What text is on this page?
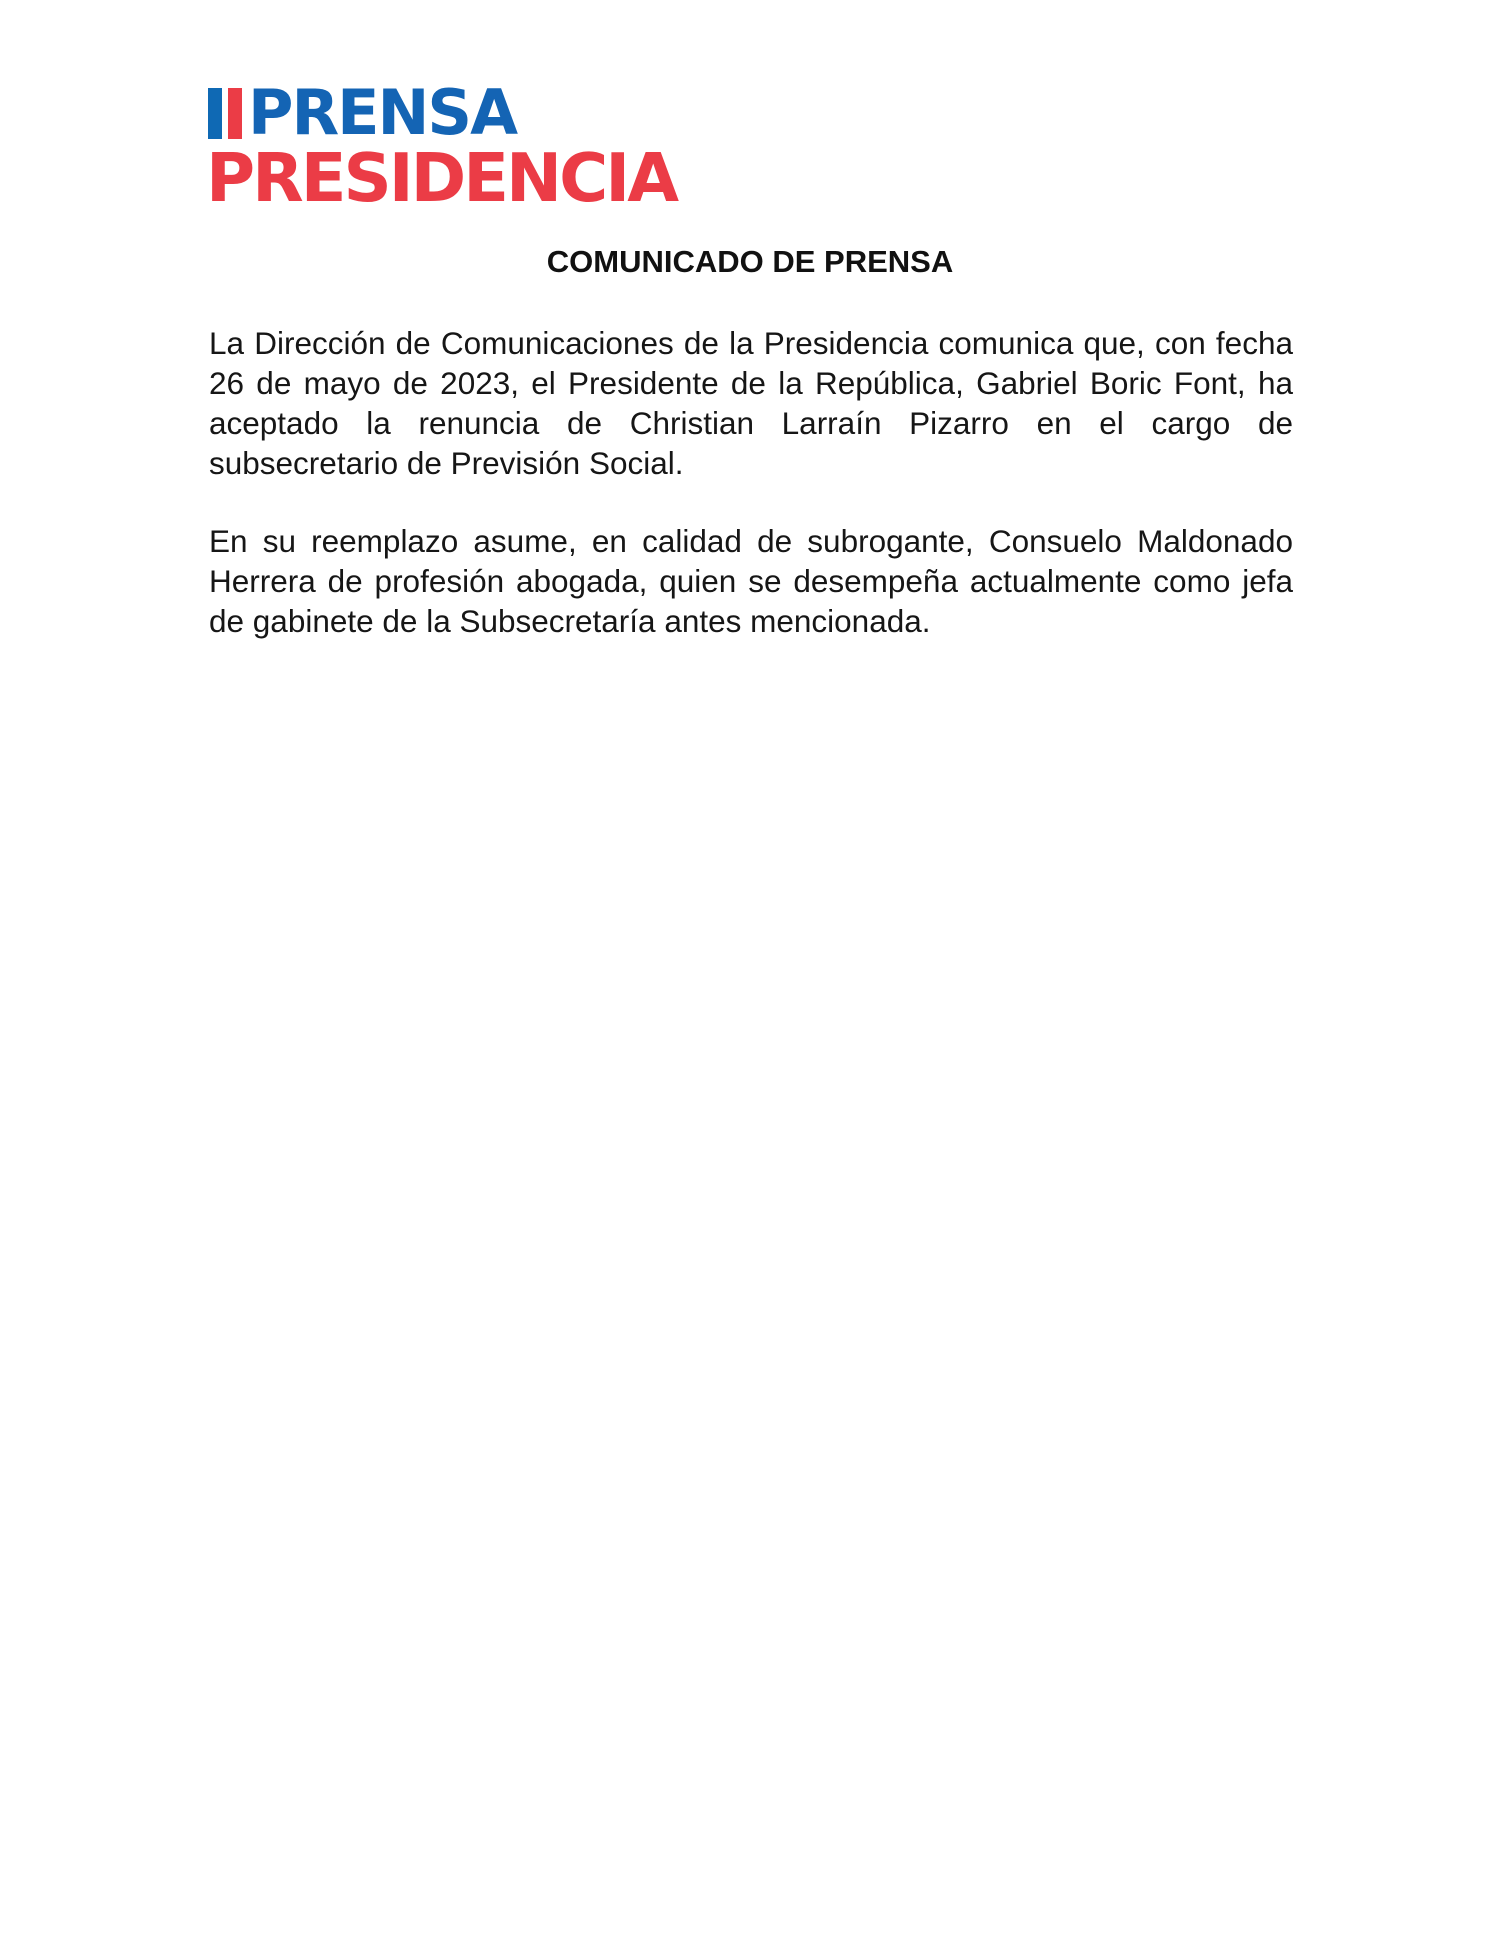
PRENSA
PRESIDENCIA
COMUNICADO DE PRENSA

La Dirección de Comunicaciones de la Presidencia comunica que, con fecha 26 de mayo de 2023, el Presidente de la República, Gabriel Boric Font, ha aceptado la renuncia de Christian Larraín Pizarro en el cargo de subsecretario de Previsión Social.

En su reemplazo asume, en calidad de subrogante, Consuelo Maldonado Herrera de profesión abogada, quien se desempeña actualmente como jefa de gabinete de la Subsecretaría antes mencionada.
